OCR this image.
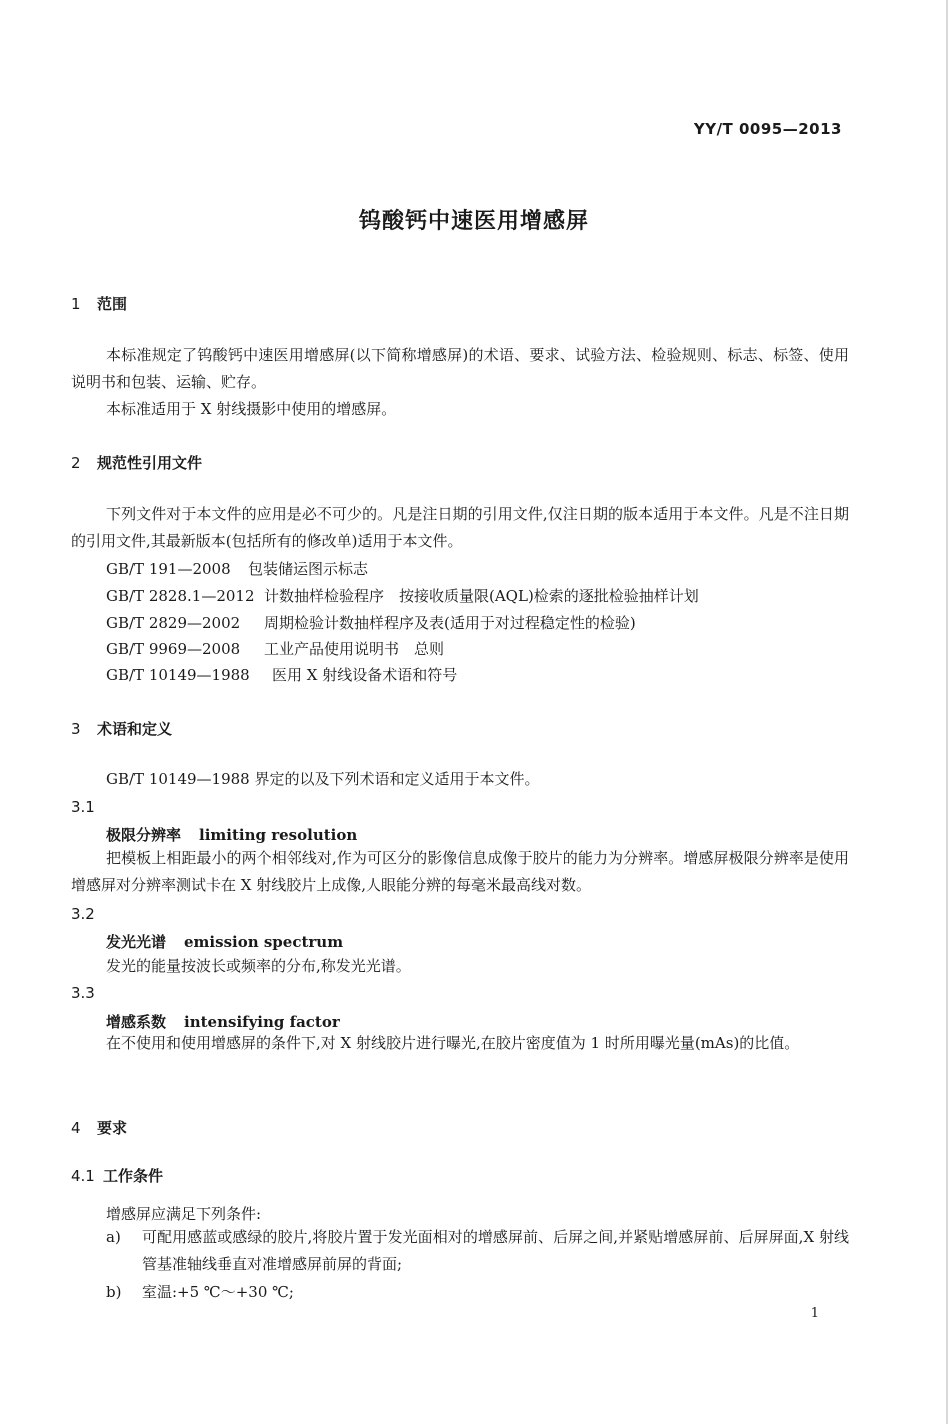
YY/T 0095—2013
钨酸钙中速医用增感屏
1 范围
本标准规定了钨酸钙中速医用增感屏(以下简称增感屏)的术语、要求、试验方法、检验规则、标志、标签、使用说明书和包装、运输、贮存。
本标准适用于 X 射线摄影中使用的增感屏。
2 规范性引用文件
下列文件对于本文件的应用是必不可少的。凡是注日期的引用文件,仅注日期的版本适用于本文件。凡是不注日期的引用文件,其最新版本(包括所有的修改单)适用于本文件。
GB/T 191—2008 包装储运图示标志
GB/T 2828.1—2012 计数抽样检验程序　按接收质量限(AQL)检索的逐批检验抽样计划
GB/T 2829—2002 周期检验计数抽样程序及表(适用于对过程稳定性的检验)
GB/T 9969—2008 工业产品使用说明书　总则
GB/T 10149—1988 医用 X 射线设备术语和符号
3 术语和定义
GB/T 10149—1988 界定的以及下列术语和定义适用于本文件。
3.1
极限分辨率 limiting resolution
把模板上相距最小的两个相邻线对,作为可区分的影像信息成像于胶片的能力为分辨率。增感屏极限分辨率是使用增感屏对分辨率测试卡在 X 射线胶片上成像,人眼能分辨的每毫米最高线对数。
3.2
发光光谱 emission spectrum
发光的能量按波长或频率的分布,称发光光谱。
3.3
增感系数 intensifying factor
在不使用和使用增感屏的条件下,对 X 射线胶片进行曝光,在胶片密度值为 1 时所用曝光量(mAs)的比值。
4 要求
4.1 工作条件
增感屏应满足下列条件:
a) 可配用感蓝或感绿的胶片,将胶片置于发光面相对的增感屏前、后屏之间,并紧贴增感屏前、后屏屏面,X 射线管基准轴线垂直对准增感屏前屏的背面;
b) 室温:+5 ℃～+30 ℃;
1
